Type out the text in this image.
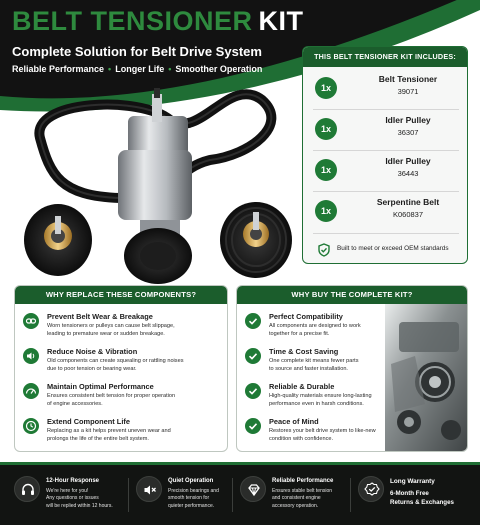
BELT TENSIONER KIT
Complete Solution for Belt Drive System
Reliable Performance • Longer Life • Smoother Operation
THIS BELT TENSIONER KIT INCLUDES:
1x
Belt Tensioner
39071
1x
Idler Pulley
36307
1x
Idler Pulley
36443
1x
Serpentine Belt
K060837
Built to meet or exceed OEM standards
WHY REPLACE THESE COMPONENTS?
Prevent Belt Wear & Breakage
Worn tensioners or pulleys can cause belt slippage,
leading to premature wear or sudden breakage.
Reduce Noise & Vibration
Old components can create squealing or rattling noises
due to poor tension or bearing wear.
Maintain Optimal Performance
Ensures consistent belt tension for proper operation
of engine accessories.
Extend Component Life
Replacing as a kit helps prevent uneven wear and
prolongs the life of the entire belt system.
WHY BUY THE COMPLETE KIT?
Perfect Compatibility
All components are designed to work
together for a precise fit.
Time & Cost Saving
One complete kit means fewer parts
to source and faster installation.
Reliable & Durable
High-quality materials ensure long-lasting
performance even in harsh conditions.
Peace of Mind
Restores your belt drive system to like-new
condition with confidence.
12-Hour Response
We're here for you!
Any questions or issues
will be replied within 12 hours.
Quiet Operation
Precision bearings and
smooth tension for
quieter performance.
Reliable Performance
Ensures stable belt tension
and consistent engine
accessory operation.
Long Warranty
6-Month Free
Returns & Exchanges
